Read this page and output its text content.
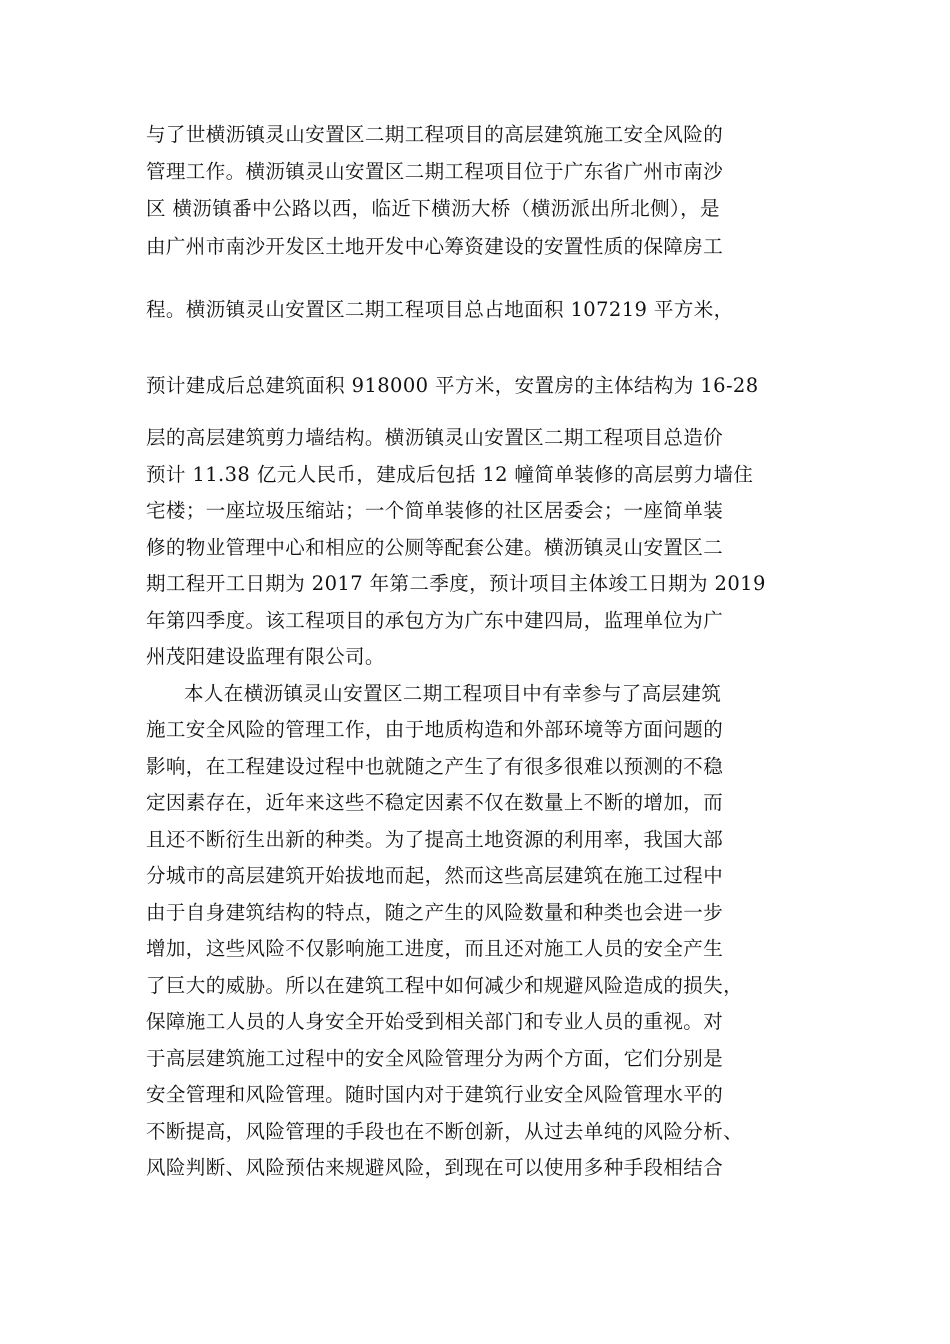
与了世横沥镇灵山安置区二期工程项目的高层建筑施工安全风险的
管理工作。横沥镇灵山安置区二期工程项目位于广东省广州市南沙
区 横沥镇番中公路以西，临近下横沥大桥（横沥派出所北侧），是
由广州市南沙开发区土地开发中心筹资建设的安置性质的保障房工
程。横沥镇灵山安置区二期工程项目总占地面积 107219 平方米，
预计建成后总建筑面积 918000 平方米，安置房的主体结构为 16-28
层的高层建筑剪力墙结构。横沥镇灵山安置区二期工程项目总造价
预计 11.38 亿元人民币，建成后包括 12 幢简单装修的高层剪力墙住
宅楼；一座垃圾压缩站；一个简单装修的社区居委会；一座简单装
修的物业管理中心和相应的公厕等配套公建。横沥镇灵山安置区二
期工程开工日期为 2017 年第二季度，预计项目主体竣工日期为 2019
年第四季度。该工程项目的承包方为广东中建四局，监理单位为广
州茂阳建设监理有限公司。
本人在横沥镇灵山安置区二期工程项目中有幸参与了高层建筑
施工安全风险的管理工作，由于地质构造和外部环境等方面问题的
影响，在工程建设过程中也就随之产生了有很多很难以预测的不稳
定因素存在，近年来这些不稳定因素不仅在数量上不断的增加，而
且还不断衍生出新的种类。为了提高土地资源的利用率，我国大部
分城市的高层建筑开始拔地而起，然而这些高层建筑在施工过程中
由于自身建筑结构的特点，随之产生的风险数量和种类也会进一步
增加，这些风险不仅影响施工进度，而且还对施工人员的安全产生
了巨大的威胁。所以在建筑工程中如何减少和规避风险造成的损失，
保障施工人员的人身安全开始受到相关部门和专业人员的重视。对
于高层建筑施工过程中的安全风险管理分为两个方面，它们分别是
安全管理和风险管理。随时国内对于建筑行业安全风险管理水平的
不断提高，风险管理的手段也在不断创新，从过去单纯的风险分析、
风险判断、风险预估来规避风险，到现在可以使用多种手段相结合
